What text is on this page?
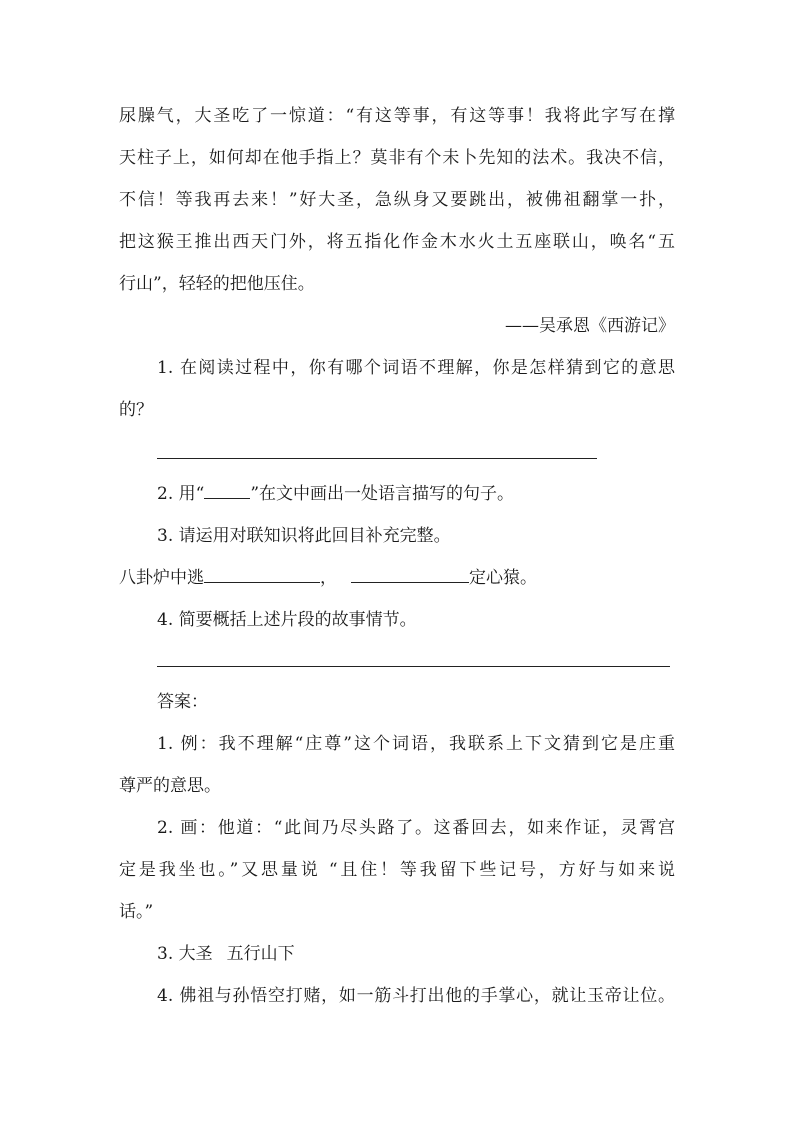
尿臊气，大圣吃了一惊道：“有这等事，有这等事！我将此字写在撑
天柱子上，如何却在他手指上？莫非有个未卜先知的法术。我决不信，
不信！等我再去来！”好大圣，急纵身又要跳出，被佛祖翻掌一扑，
把这猴王推出西天门外，将五指化作金木水火土五座联山，唤名“五
行山”，轻轻的把他压住。
——吴承恩《西游记》
1. 在阅读过程中，你有哪个词语不理解，你是怎样猜到它的意思
的？
2. 用“	”在文中画出一处语言描写的句子。
3. 请运用对联知识将此回目补充完整。
八卦炉中逃	，	定心猿。
4. 简要概括上述片段的故事情节。
答案：
1. 例：我不理解“庄尊”这个词语，我联系上下文猜到它是庄重
尊严的意思。
2. 画：他道：“此间乃尽头路了。这番回去，如来作证，灵霄宫
定是我坐也。”又思量说 “且住！等我留下些记号，方好与如来说
话。”
3. 大圣 五行山下
4. 佛祖与孙悟空打赌，如一筋斗打出他的手掌心，就让玉帝让位。
